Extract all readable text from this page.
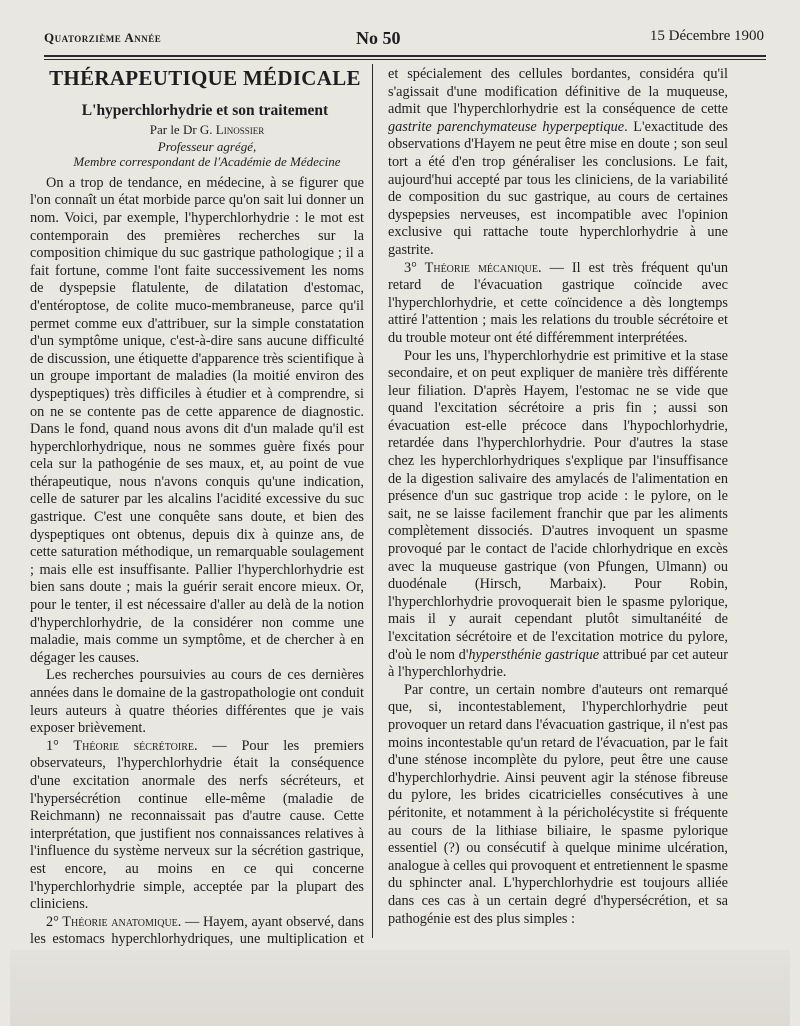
Quatorzième Année	No 50	15 Décembre 1900
THÉRAPEUTIQUE MÉDICALE
L'hyperchlorhydrie et son traitement
Par le Dr G. Linossier
Professeur agrégé,
Membre correspondant de l'Académie de Médecine

On a trop de tendance, en médecine, à se figurer que l'on connaît un état morbide parce qu'on sait lui donner un nom. Voici, par exemple, l'hyperchlorhydrie : le mot est contemporain des premières recherches sur la composition chimique du suc gastrique pathologique ; il a fait fortune, comme l'ont faite successivement les noms de dyspepsie flatulente, de dilatation d'estomac, d'entéroptose, de colite muco-membraneuse, parce qu'il permet comme eux d'attribuer, sur la simple constatation d'un symptôme unique, c'est-à-dire sans aucune difficulté de discussion, une étiquette d'apparence très scientifique à un groupe important de maladies (la moitié environ des dyspeptiques) très difficiles à étudier et à comprendre, si on ne se contente pas de cette apparence de diagnostic. Dans le fond, quand nous avons dit d'un malade qu'il est hyperchlorhydrique, nous ne sommes guère fixés pour cela sur la pathogénie de ses maux, et, au point de vue thérapeutique, nous n'avons conquis qu'une indication, celle de saturer par les alcalins l'acidité excessive du suc gastrique. C'est une conquête sans doute, et bien des dyspeptiques ont obtenus, depuis dix à quinze ans, de cette saturation méthodique, un remarquable soulagement ; mais elle est insuffisante. Pallier l'hyperchlorhydrie est bien sans doute ; mais la guérir serait encore mieux. Or, pour le tenter, il est nécessaire d'aller au delà de la notion d'hyperchlorhydrie, de la considérer non comme une maladie, mais comme un symptôme, et de chercher à en dégager les causes.

Les recherches poursuivies au cours de ces dernières années dans le domaine de la gastropathologie ont conduit leurs auteurs à quatre théories différentes que je vais exposer brièvement.

1° Théorie sécrétoire. — Pour les premiers observateurs, l'hyperchlorhydrie était la conséquence d'une excitation anormale des nerfs sécréteurs, et l'hypersécrétion continue elle-même (maladie de Reichmann) ne reconnaissait pas d'autre cause. Cette interprétation, que justifient nos connaissances relatives à l'influence du système nerveux sur la sécrétion gastrique, est encore, au moins en ce qui concerne l'hyperchlorhydrie simple, acceptée par la plupart des cliniciens.

2° Théorie anatomique. — Hayem, ayant observé, dans les estomacs hyperchlorhydriques, une multiplication et

et spécialement des cellules bordantes, considéra qu'il s'agissait d'une modification définitive de la muqueuse, admit que l'hyperchlorhydrie est la conséquence de cette gastrite parenchymateuse hyperpeptique. L'exactitude des observations d'Hayem ne peut être mise en doute ; son seul tort a été d'en trop généraliser les conclusions. Le fait, aujourd'hui accepté par tous les cliniciens, de la variabilité de composition du suc gastrique, au cours de certaines dyspepsies nerveuses, est incompatible avec l'opinion exclusive qui rattache toute hyperchlorhydrie à une gastrite.

3° Théorie mécanique. — Il est très fréquent qu'un retard de l'évacuation gastrique coïncide avec l'hyperchlorhydrie, et cette coïncidence a dès longtemps attiré l'attention ; mais les relations du trouble sécrétoire et du trouble moteur ont été différemment interprétées.

Pour les uns, l'hyperchlorhydrie est primitive et la stase secondaire, et on peut expliquer de manière très différente leur filiation. D'après Hayem, l'estomac ne se vide que quand l'excitation sécrétoire a pris fin ; aussi son évacuation est-elle précoce dans l'hypochlorhydrie, retardée dans l'hyperchlorhydrie. Pour d'autres la stase chez les hyperchlorhydriques s'explique par l'insuffisance de la digestion salivaire des amylacés de l'alimentation en présence d'un suc gastrique trop acide : le pylore, on le sait, ne se laisse facilement franchir que par les aliments complètement dissociés. D'autres invoquent un spasme provoqué par le contact de l'acide chlorhydrique en excès avec la muqueuse gastrique (von Pfungen, Ulmann) ou duodénale (Hirsch, Marbaix). Pour Robin, l'hyperchlorhydrie provoquerait bien le spasme pylorique, mais il y aurait cependant plutôt simultanéité de l'excitation sécrétoire et de l'excitation motrice du pylore, d'où le nom d'hypersthénie gastrique attribué par cet auteur à l'hyperchlorhydrie.

Par contre, un certain nombre d'auteurs ont remarqué que, si, incontestablement, l'hyperchlorhydrie peut provoquer un retard dans l'évacuation gastrique, il n'est pas moins incontestable qu'un retard de l'évacuation, par le fait d'une sténose incomplète du pylore, peut être une cause d'hyperchlorhydrie. Ainsi peuvent agir la sténose fibreuse du pylore, les brides cicatricielles consécutives à une péritonite, et notamment à la péricholécystite si fréquente au cours de la lithiase biliaire, le spasme pylorique essentiel (?) ou consécutif à quelque minime ulcération, analogue à celles qui provoquent et entretiennent le spasme du sphincter anal. L'hyperchlorhydrie est toujours alliée dans ces cas à un certain degré d'hypersécrétion, et sa pathogénie est des plus simples :
